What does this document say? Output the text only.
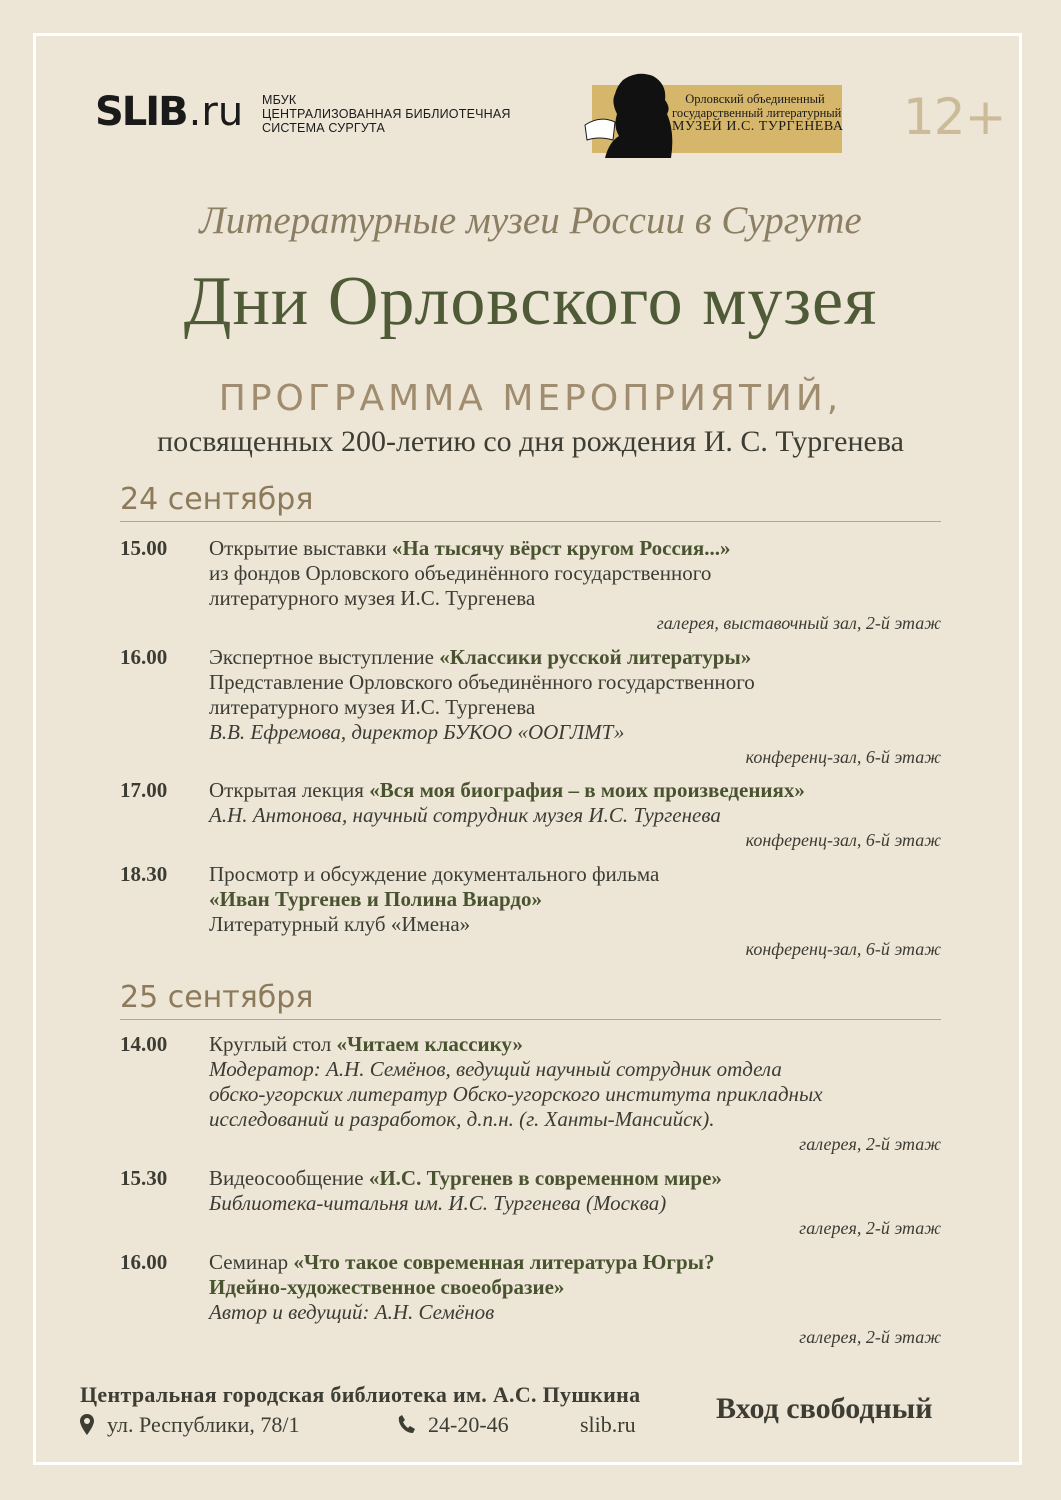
SLIB .ru МБУК
ЦЕНТРАЛИЗОВАННАЯ БИБЛИОТЕЧНАЯ
СИСТЕМА СУРГУТА
Орловский объединенный
государственный литературный
МУЗЕЙ И.С. ТУРГЕНЕВА 12+
Литературные музеи России в Сургуте
Дни Орловского музея
ПРОГРАММА МЕРОПРИЯТИЙ,
посвященных 200-летию со дня рождения И. С. Тургенева
24 сентября
15.00 Открытие выставки «На тысячу вёрст кругом Россия...»
из фондов Орловского объединённого государственного
литературного музея И.С. Тургенева
галерея, выставочный зал, 2-й этаж
16.00 Экспертное выступление «Классики русской литературы»
Представление Орловского объединённого государственного
литературного музея И.С. Тургенева
В.В. Ефремова, директор БУКОО «ООГЛМТ»
конференц-зал, 6-й этаж
17.00 Открытая лекция «Вся моя биография – в моих произведениях»
А.Н. Антонова, научный сотрудник музея И.С. Тургенева
конференц-зал, 6-й этаж
18.30 Просмотр и обсуждение документального фильма
«Иван Тургенев и Полина Виардо»
Литературный клуб «Имена»
конференц-зал, 6-й этаж
25 сентября
14.00 Круглый стол «Читаем классику»
Модератор: А.Н. Семёнов, ведущий научный сотрудник отдела
обско-угорских литератур Обско-угорского института прикладных
исследований и разработок, д.п.н. (г. Ханты-Мансийск).
галерея, 2-й этаж
15.30 Видеосообщение «И.С. Тургенев в современном мире»
Библиотека-читальня им. И.С. Тургенева (Москва)
галерея, 2-й этаж
16.00 Семинар «Что такое современная литература Югры?
Идейно-художественное своеобразие»
Автор и ведущий: А.Н. Семёнов
галерея, 2-й этаж
Центральная городская библиотека им. А.С. Пушкина
ул. Республики, 78/1	24-20-46	slib.ru	Вход свободный
